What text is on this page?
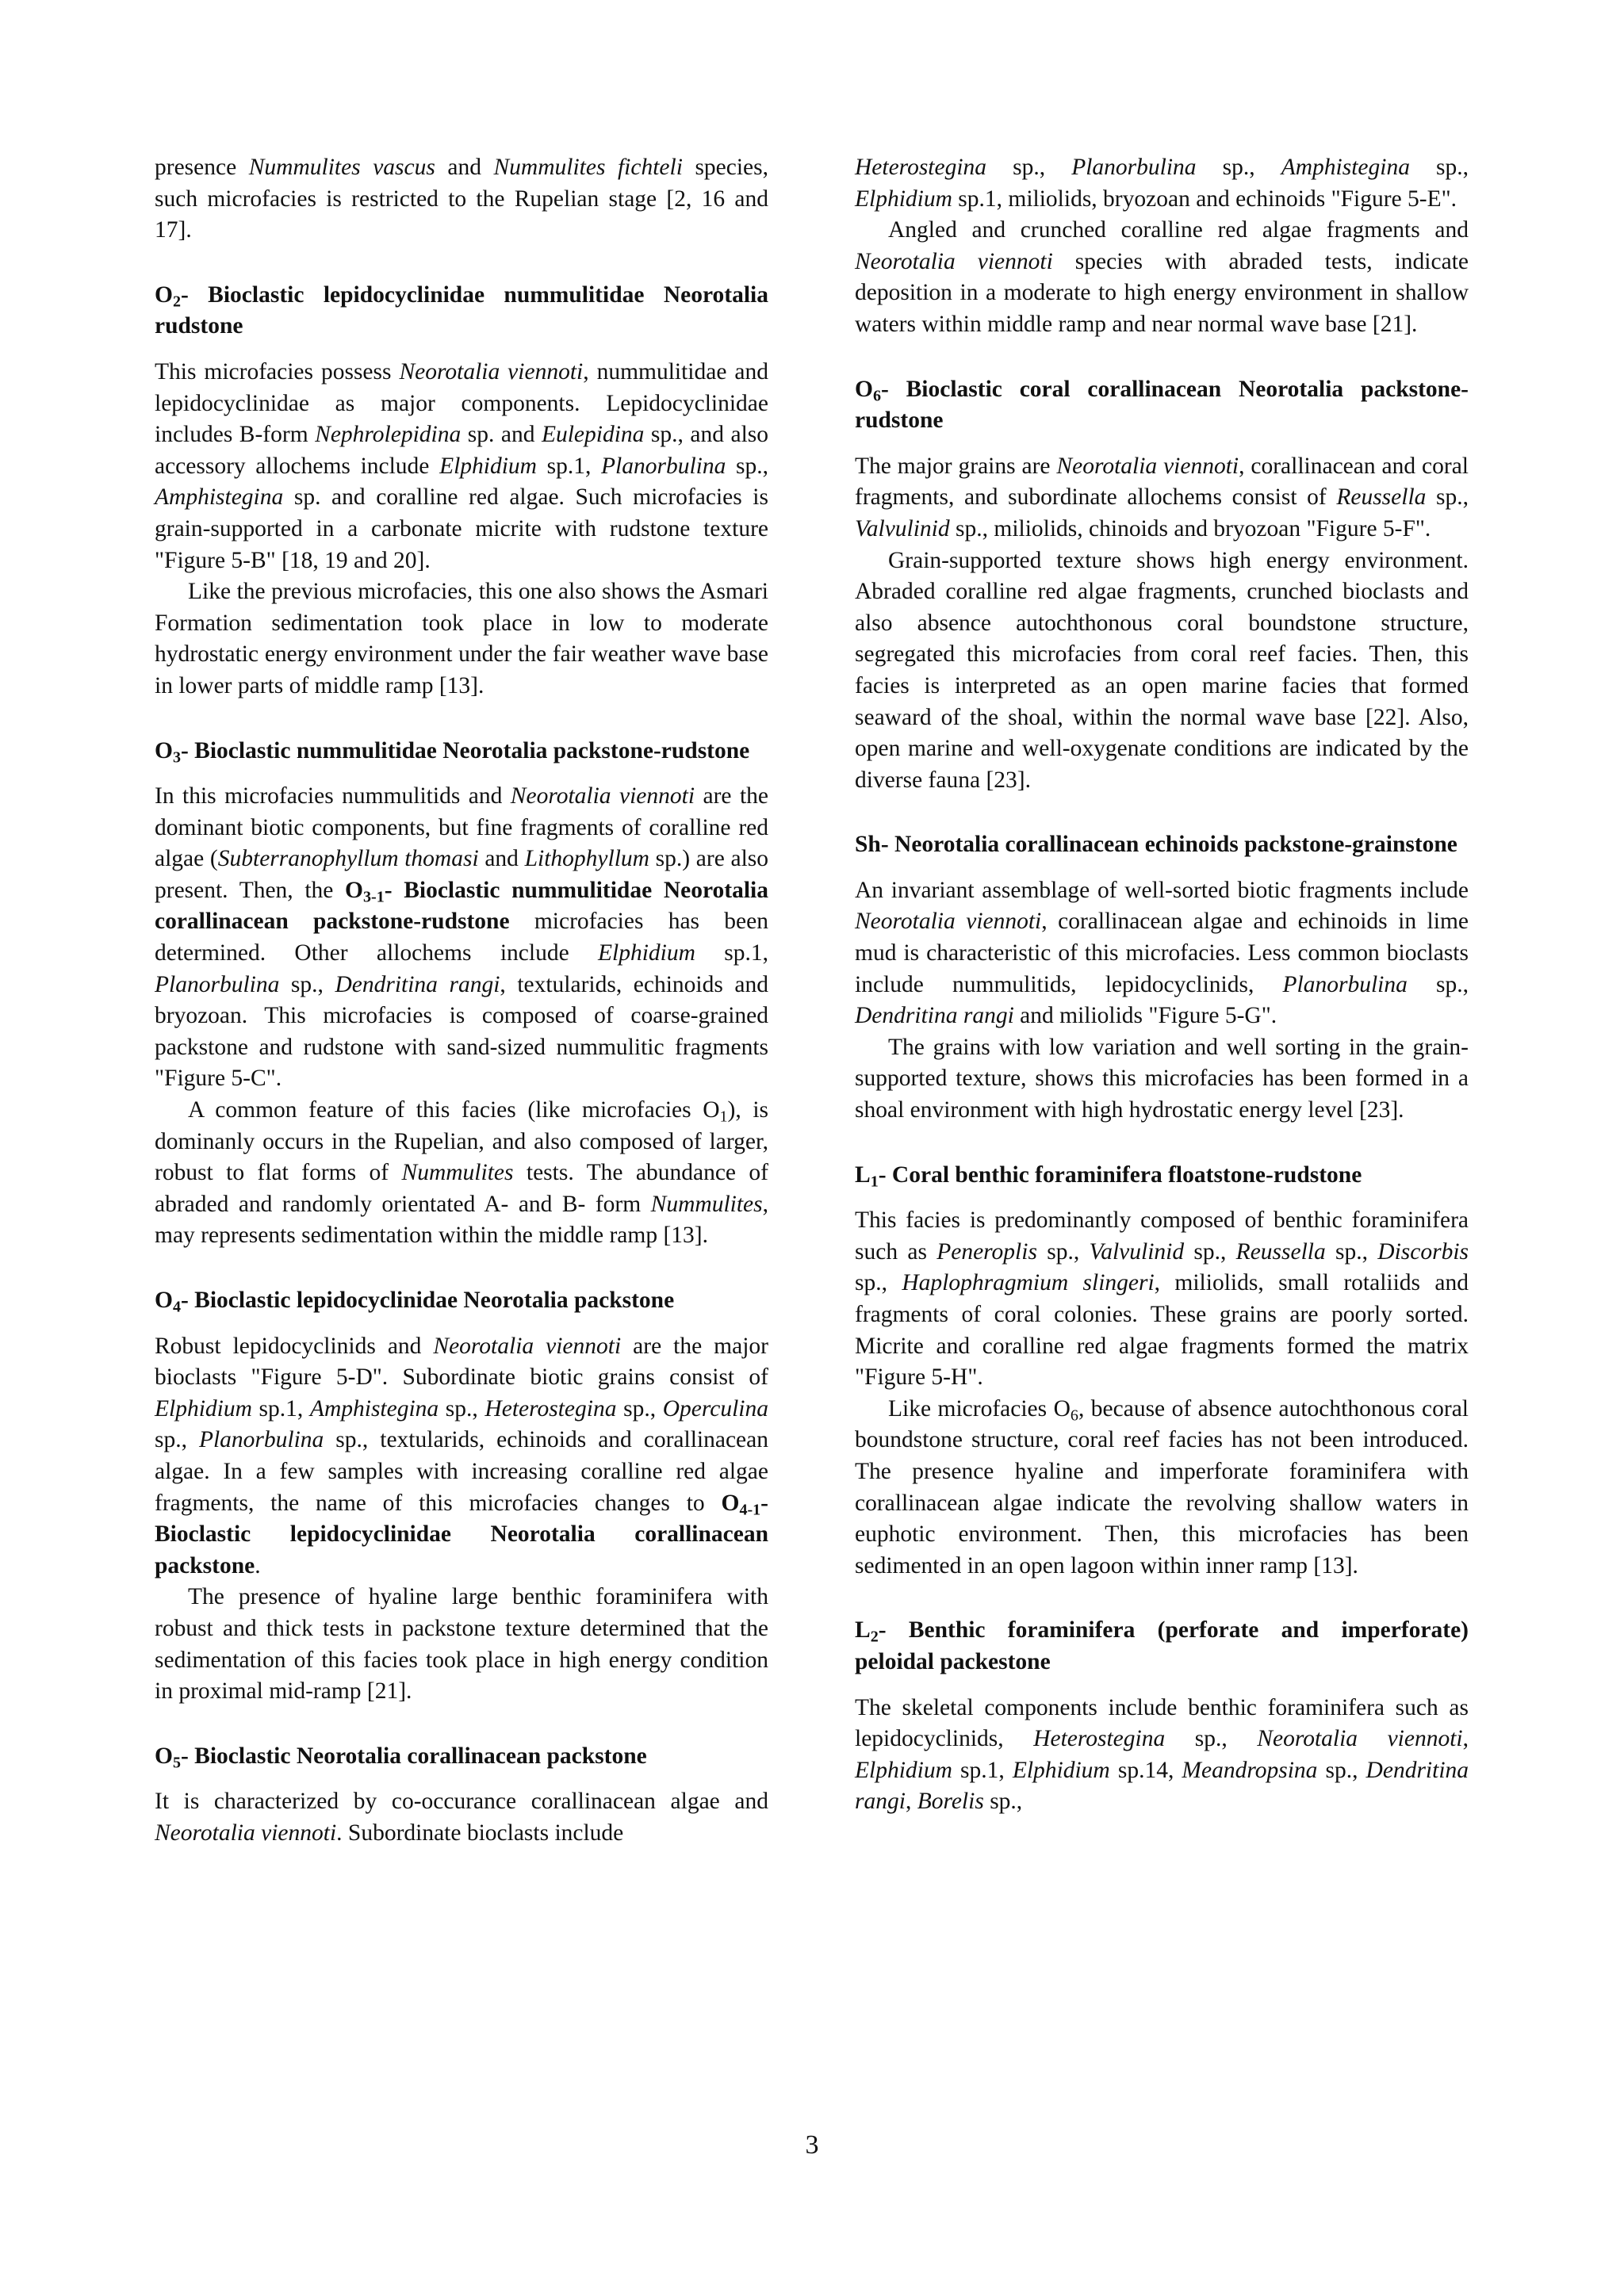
presence Nummulites vascus and Nummulites fichteli species, such microfacies is restricted to the Rupelian stage [2, 16 and 17].

$O_2-$ Bioclastic lepidocyclinidae nummulitidae Neorotalia rudstone

This microfacies possess Neorotalia viennoti, nummulitidae and lepidocyclinidae as major components. Lepidocyclinidae includes B-form Nephrolepidina sp. and Eulepidina sp., and also accessory allochems include Elphidium sp.1, Planorbulina sp., Amphistegina sp. and coralline red algae. Such microfacies is grain-supported in a carbonate micrite with rudstone texture "Figure 5-B" [18, 19 and 20].

Like the previous microfacies, this one also shows the Asmari Formation sedimentation took place in low to moderate hydrostatic energy environment under the fair weather wave base in lower parts of middle ramp [13].

$O_3-$ Bioclastic nummulitidae Neorotalia packstone-rudstone

In this microfacies nummulitids and Neorotalia viennoti are the dominant biotic components, but fine fragments of coralline red algae (Subterranophyllum thomasi and Lithophyllum sp.) are also present. Then, the $O_{3-1}-$ Bioclastic nummulitidae Neorotalia corallinacean packstone-rudstone microfacies has been determined. Other allochems include Elphidium sp.1, Planorbulina sp., Dendritina rangi, textularids, echinoids and bryozoan. This microfacies is composed of coarse-grained packstone and rudstone with sand-sized nummulitic fragments "Figure 5-C".

A common feature of this facies (like microfacies $O_1$), is dominanly occurs in the Rupelian, and also composed of larger, robust to flat forms of Nummulites tests. The abundance of abraded and randomly orientated A- and B- form Nummulites, may represents sedimentation within the middle ramp [13].

$O_4-$ Bioclastic lepidocyclinidae Neorotalia packstone

Robust lepidocyclinids and Neorotalia viennoti are the major bioclasts "Figure 5-D". Subordinate biotic grains consist of Elphidium sp.1, Amphistegina sp., Heterostegina sp., Operculina sp., Planorbulina sp., textularids, echinoids and corallinacean algae. In a few samples with increasing coralline red algae fragments, the name of this microfacies changes to $O_{4-1}-$ Bioclastic lepidocyclinidae Neorotalia corallinacean packstone.

The presence of hyaline large benthic foraminifera with robust and thick tests in packstone texture determined that the sedimentation of this facies took place in high energy condition in proximal mid-ramp [21].

$O_5-$ Bioclastic Neorotalia corallinacean packstone

It is characterized by co-occurance corallinacean algae and Neorotalia viennoti. Subordinate bioclasts include

Heterostegina sp., Planorbulina sp., Amphistegina sp., Elphidium sp.1, miliolids, bryozoan and echinoids "Figure 5-E".

Angled and crunched coralline red algae fragments and Neorotalia viennoti species with abraded tests, indicate deposition in a moderate to high energy environment in shallow waters within middle ramp and near normal wave base [21].

$O_6-$ Bioclastic coral corallinacean Neorotalia packstone-rudstone

The major grains are Neorotalia viennoti, corallinacean and coral fragments, and subordinate allochems consist of Reussella sp., Valvulinid sp., miliolids, chinoids and bryozoan "Figure 5-F".

Grain-supported texture shows high energy environment. Abraded coralline red algae fragments, crunched bioclasts and also absence autochthonous coral boundstone structure, segregated this microfacies from coral reef facies. Then, this facies is interpreted as an open marine facies that formed seaward of the shoal, within the normal wave base [22]. Also, open marine and well-oxygenate conditions are indicated by the diverse fauna [23].

Sh- Neorotalia corallinacean echinoids packstone-grainstone

An invariant assemblage of well-sorted biotic fragments include Neorotalia viennoti, corallinacean algae and echinoids in lime mud is characteristic of this microfacies. Less common bioclasts include nummulitids, lepidocyclinids, Planorbulina sp., Dendritina rangi and miliolids "Figure 5-G".

The grains with low variation and well sorting in the grain-supported texture, shows this microfacies has been formed in a shoal environment with high hydrostatic energy level [23].

$L_1-$ Coral benthic foraminifera floatstone-rudstone

This facies is predominantly composed of benthic foraminifera such as Peneroplis sp., Valvulinid sp., Reussella sp., Discorbis sp., Haplophragmium slingeri, miliolids, small rotaliids and fragments of coral colonies. These grains are poorly sorted. Micrite and coralline red algae fragments formed the matrix "Figure 5-H".

Like microfacies $O_6$, because of absence autochthonous coral boundstone structure, coral reef facies has not been introduced. The presence hyaline and imperforate foraminifera with corallinacean algae indicate the revolving shallow waters in euphotic environment. Then, this microfacies has been sedimented in an open lagoon within inner ramp [13].

$L_2-$ Benthic foraminifera (perforate and imperforate) peloidal packestone

The skeletal components include benthic foraminifera such as lepidocyclinids, Heterostegina sp., Neorotalia viennoti, Elphidium sp.1, Elphidium sp.14, Meandropsina sp., Dendritina rangi, Borelis sp.,

3
